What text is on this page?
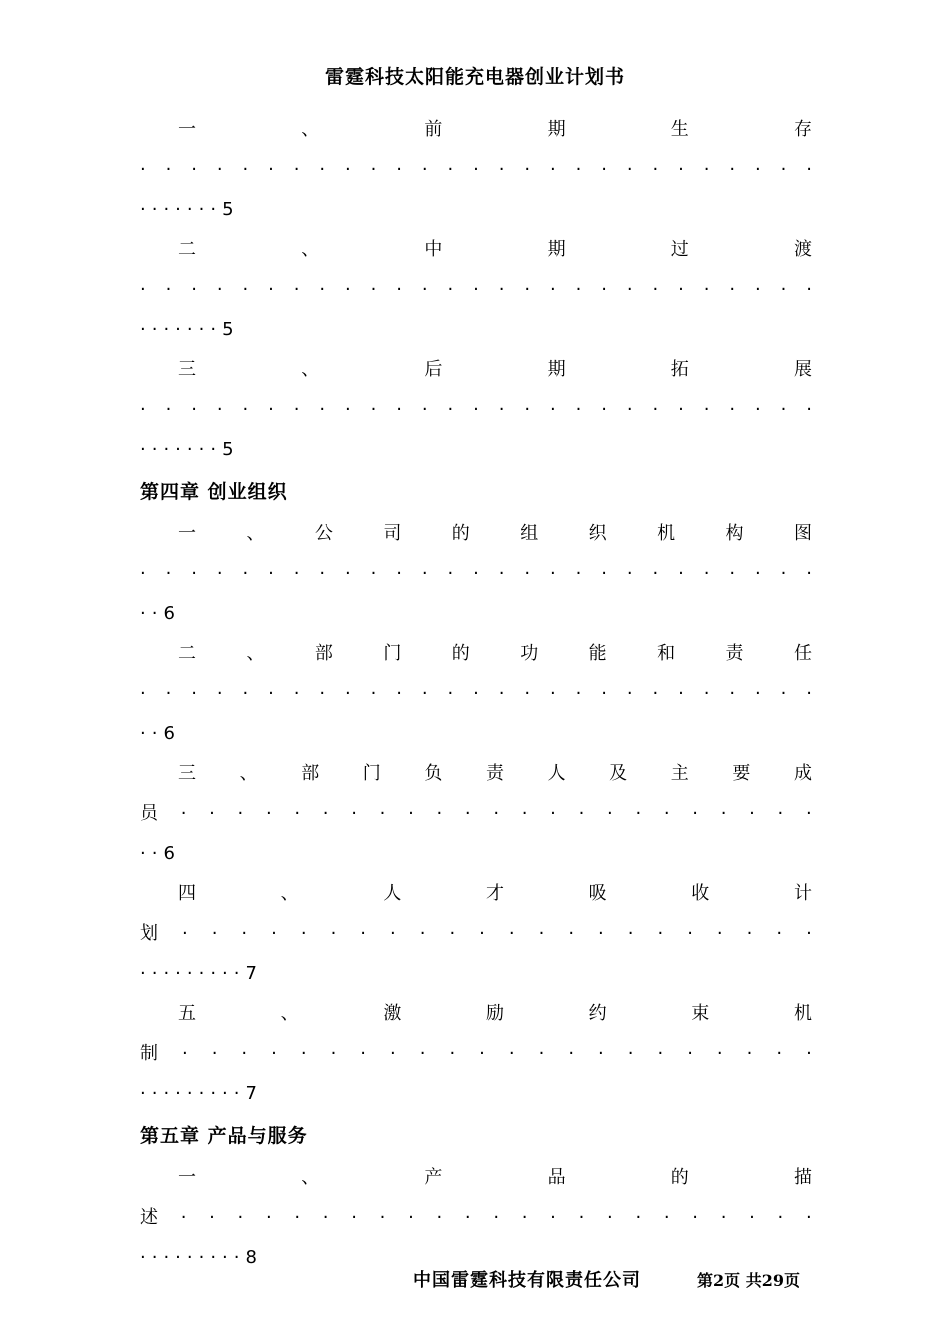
雷霆科技太阳能充电器创业计划书
一	、	前	期	生	存
· · · · · · · · · · · · · · · · · · · · · · · · · · ·
·······5
二	、	中	期	过	渡
· · · · · · · · · · · · · · · · · · · · · · · · · · ·
·······5
三	、	后	期	拓	展
· · · · · · · · · · · · · · · · · · · · · · · · · · ·
·······5
第四章 创业组织
一	、	公	司	的	组	织	机	构	图
· · · · · · · · · · · · · · · · · · · · · · · · · · ·
··6
二	、	部	门	的	功	能	和	责	任
· · · · · · · · · · · · · · · · · · · · · · · · · · ·
··6
三 、 部 门 负 责 人 及 主 要 成
员 · · · · · · · · · · · · · · · · · · · · · · ·
··6
四	、	人	才	吸	收	计
划 · · · · · · · · · · · · · · · · · · · · · ·
·········7
五	、	激	励	约	束	机
制 · · · · · · · · · · · · · · · · · · · · · ·
·········7
第五章 产品与服务
一	、	产	品	的	描
述 · · · · · · · · · · · · · · · · · · · · · · ·
·········8
中国雷霆科技有限责任公司	第2页 共29页
